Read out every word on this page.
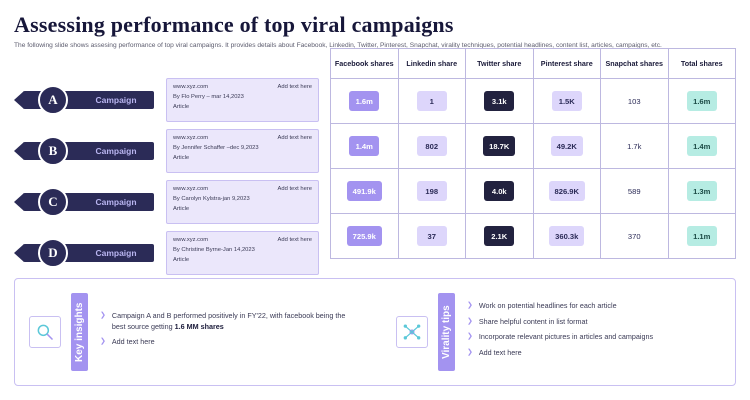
Assessing performance of top viral campaigns
The following slide shows assesing performance of top viral campaigns. It provides details about Facebook, Linkedin, Twitter, Pinterest, Snapchat, virality techniques, potential headlines, content list, articles, campaigns, etc.
A	Campaign
www.xyz.com	Add text here
By Flo Perry – mar 14,2023
Article
B	Campaign
www.xyz.com	Add text here
By Jennifer Schaffer –dec 9,2023
Article
C	Campaign
www.xyz.com	Add text here
By Carolyn Kylstra-jan 9,2023
Article
D	Campaign
www.xyz.com	Add text here
By Christine Byrne-Jan 14,2023
Article
Facebook shares	Linkedin share	Twitter share	Pinterest share	Snapchat shares	Total shares
1.6m	1	3.1k	1.5K	103	1.6m
1.4m	802	18.7K	49.2K	1.7k	1.4m
491.9k	198	4.0k	826.9K	589	1.3m
725.9k	37	2.1K	360.3k	370	1.1m
Key insights	❯ Campaign A and B performed positively in FY'22, with facebook being the best source getting 1.6 MM shares
❯ Add text here	Virality tips	❯ Work on potential headlines for each article
❯ Share helpful content in list format
❯ Incorporate relevant pictures in articles and campaigns
❯ Add text here
